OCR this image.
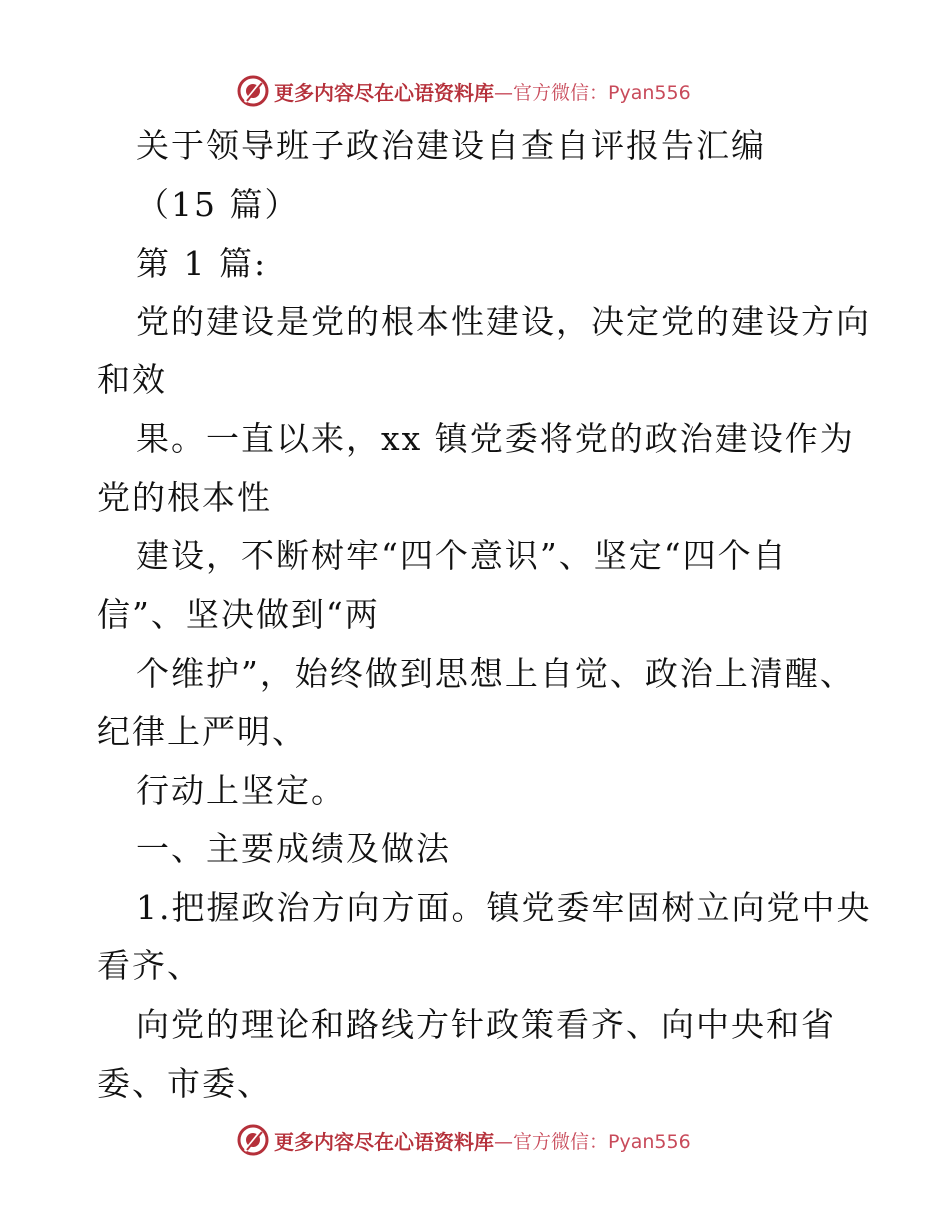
更多内容尽在心语资料库 —官方微信：Pyan556
关于领导班子政治建设自查自评报告汇编
（15 篇）
第 1 篇:
党的建设是党的根本性建设，决定党的建设方向
和效
果。一直以来，xx 镇党委将党的政治建设作为
党的根本性
建设，不断树牢“四个意识”、坚定“四个自
信”、坚决做到“两
个维护”，始终做到思想上自觉、政治上清醒、
纪律上严明、
行动上坚定。
一、主要成绩及做法
1.把握政治方向方面。镇党委牢固树立向党中央
看齐、
向党的理论和路线方针政策看齐、向中央和省
委、市委、
更多内容尽在心语资料库 —官方微信：Pyan556
